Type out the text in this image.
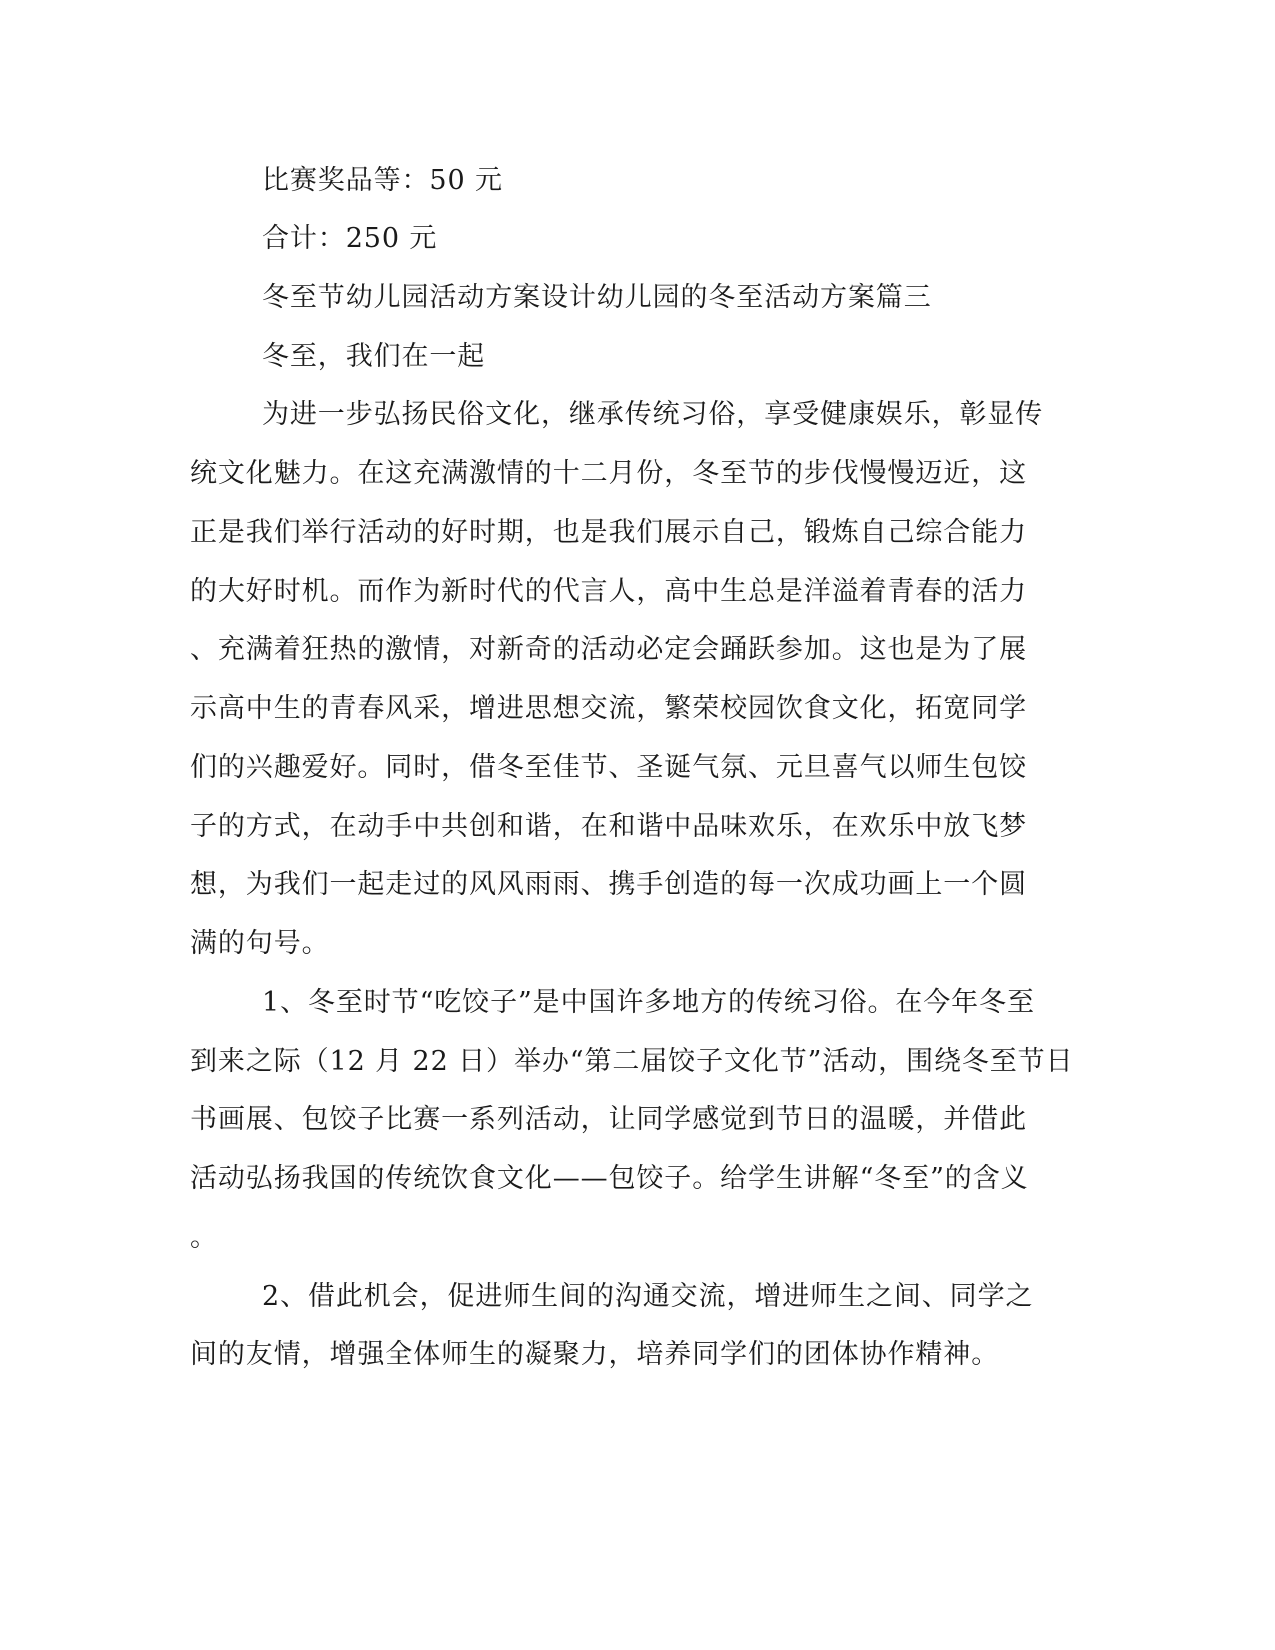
比赛奖品等：50 元

合计：250 元

冬至节幼儿园活动方案设计幼儿园的冬至活动方案篇三

冬至，我们在一起

为进一步弘扬民俗文化，继承传统习俗，享受健康娱乐，彰显传

统文化魅力。在这充满激情的十二月份，冬至节的步伐慢慢迈近，这

正是我们举行活动的好时期，也是我们展示自己，锻炼自己综合能力

的大好时机。而作为新时代的代言人，高中生总是洋溢着青春的活力

、充满着狂热的激情，对新奇的活动必定会踊跃参加。这也是为了展

示高中生的青春风采，增进思想交流，繁荣校园饮食文化，拓宽同学

们的兴趣爱好。同时，借冬至佳节、圣诞气氛、元旦喜气以师生包饺

子的方式，在动手中共创和谐，在和谐中品味欢乐，在欢乐中放飞梦

想，为我们一起走过的风风雨雨、携手创造的每一次成功画上一个圆

满的句号。

1、冬至时节“吃饺子”是中国许多地方的传统习俗。在今年冬至

到来之际（12 月 22 日）举办“第二届饺子文化节”活动，围绕冬至节日

书画展、包饺子比赛一系列活动，让同学感觉到节日的温暖，并借此

活动弘扬我国的传统饮食文化——包饺子。给学生讲解“冬至”的含义

。

2、借此机会，促进师生间的沟通交流，增进师生之间、同学之

间的友情，增强全体师生的凝聚力，培养同学们的团体协作精神。
